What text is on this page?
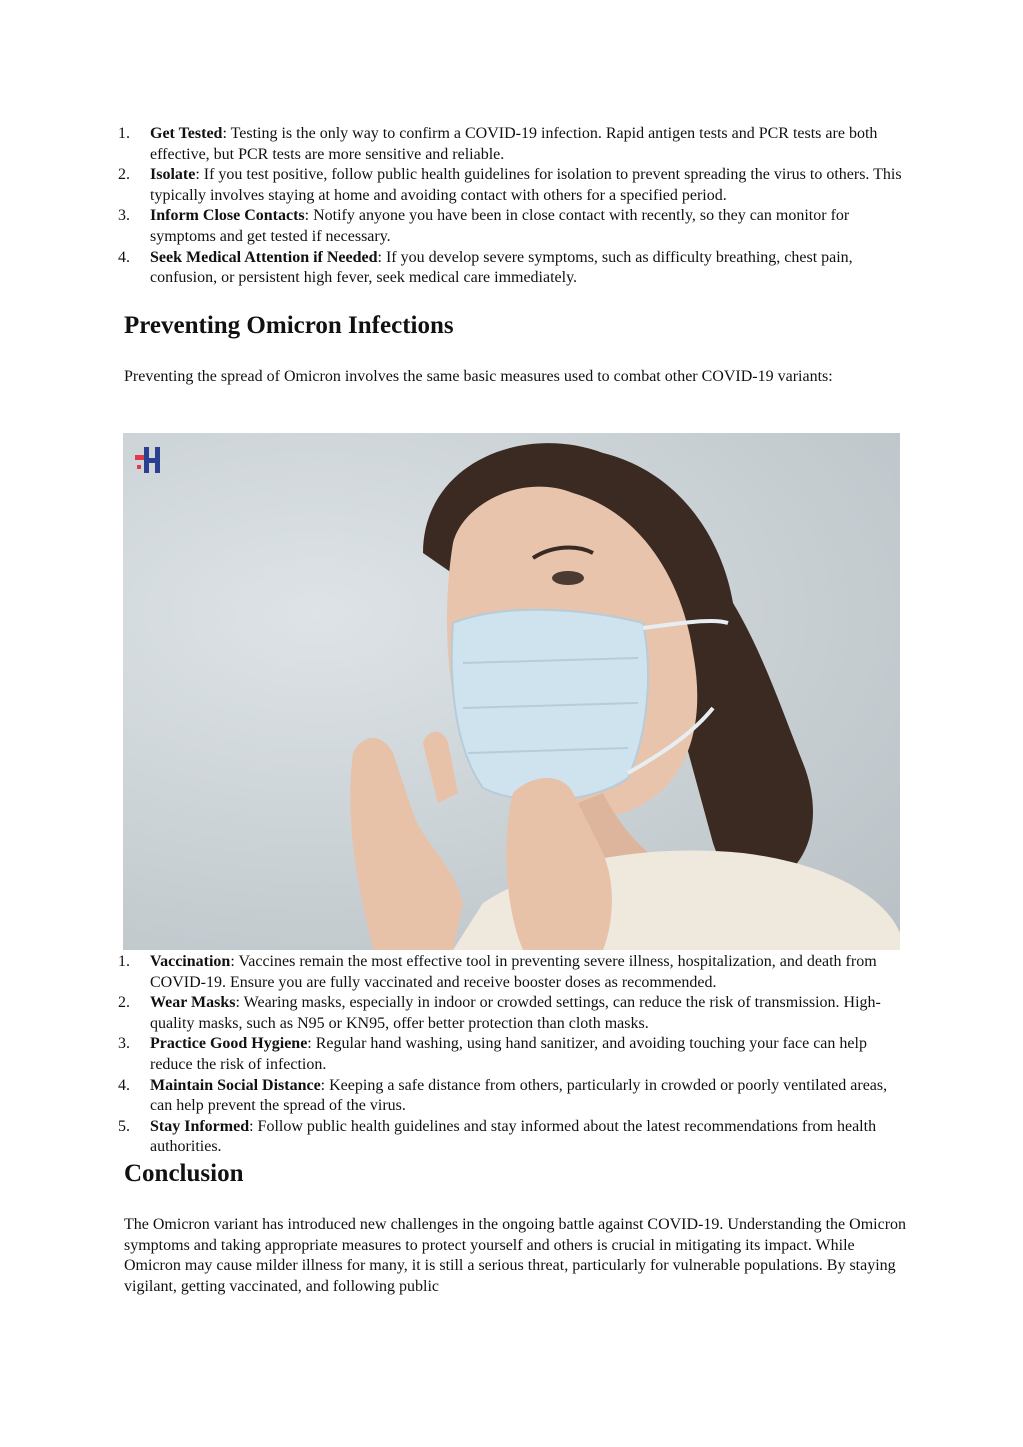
1. Get Tested: Testing is the only way to confirm a COVID-19 infection. Rapid antigen tests and PCR tests are both effective, but PCR tests are more sensitive and reliable.
2. Isolate: If you test positive, follow public health guidelines for isolation to prevent spreading the virus to others. This typically involves staying at home and avoiding contact with others for a specified period.
3. Inform Close Contacts: Notify anyone you have been in close contact with recently, so they can monitor for symptoms and get tested if necessary.
4. Seek Medical Attention if Needed: If you develop severe symptoms, such as difficulty breathing, chest pain, confusion, or persistent high fever, seek medical care immediately.
Preventing Omicron Infections

Preventing the spread of Omicron involves the same basic measures used to combat other COVID-19 variants:

1. Vaccination: Vaccines remain the most effective tool in preventing severe illness, hospitalization, and death from COVID-19. Ensure you are fully vaccinated and receive booster doses as recommended.
2. Wear Masks: Wearing masks, especially in indoor or crowded settings, can reduce the risk of transmission. High-quality masks, such as N95 or KN95, offer better protection than cloth masks.
3. Practice Good Hygiene: Regular hand washing, using hand sanitizer, and avoiding touching your face can help reduce the risk of infection.
4. Maintain Social Distance: Keeping a safe distance from others, particularly in crowded or poorly ventilated areas, can help prevent the spread of the virus.
5. Stay Informed: Follow public health guidelines and stay informed about the latest recommendations from health authorities.
Conclusion

The Omicron variant has introduced new challenges in the ongoing battle against COVID-19. Understanding the Omicron symptoms and taking appropriate measures to protect yourself and others is crucial in mitigating its impact. While Omicron may cause milder illness for many, it is still a serious threat, particularly for vulnerable populations. By staying vigilant, getting vaccinated, and following public
